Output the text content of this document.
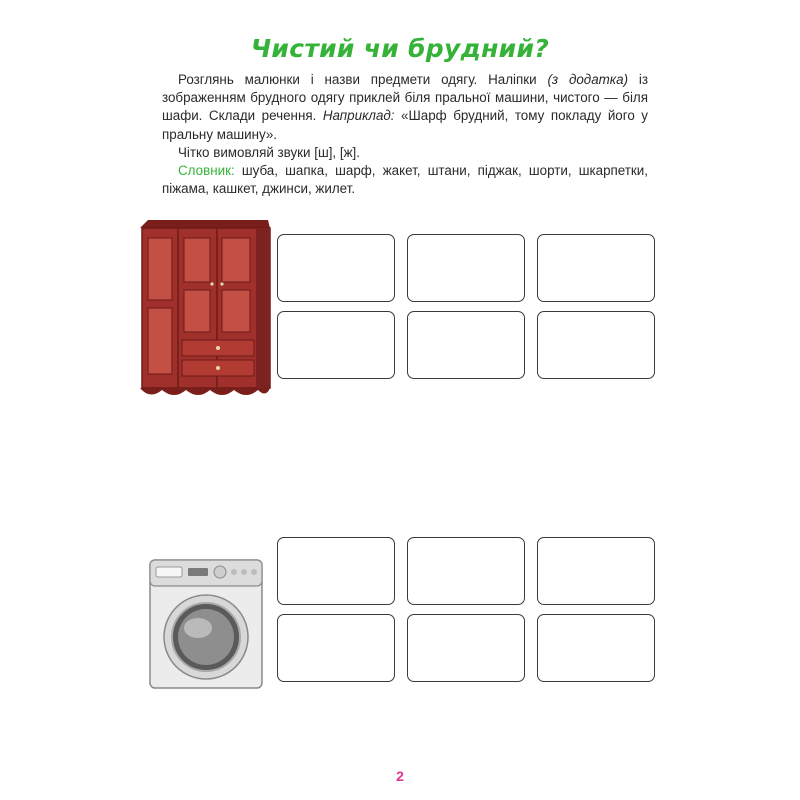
Чистий чи брудний?

Розглянь малюнки і назви предмети одягу. Наліпки (з додатка) із зображенням брудного одягу приклей біля пральної машини, чистого — біля шафи. Склади речення. Наприклад: «Шарф брудний, тому покладу його у пральну машину».

Чітко вимовляй звуки [ш], [ж].

Словник: шуба, шапка, шарф, жакет, штани, піджак, шорти, шкарпетки, піжама, кашкет, джинси, жилет.

2
